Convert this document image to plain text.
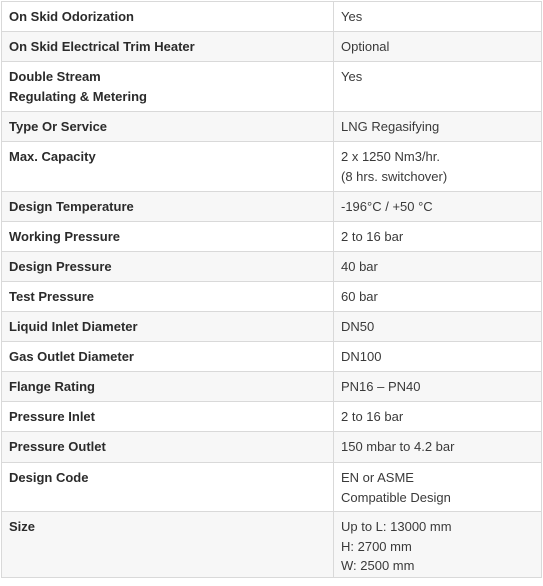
On Skid Odorization	Yes

On Skid Electrical Trim Heater	Optional

Double Stream
Regulating & Metering	Yes

Type Or Service	LNG Regasifying

Max. Capacity	2 x 1250 Nm3/hr.
(8 hrs. switchover)

Design Temperature	-196°C / +50 °C

Working Pressure	2 to 16 bar

Design Pressure	40 bar

Test Pressure	60 bar

Liquid Inlet Diameter	DN50

Gas Outlet Diameter	DN100

Flange Rating	PN16 – PN40

Pressure Inlet	2 to 16 bar

Pressure Outlet	150 mbar to 4.2 bar

Design Code	EN or ASME
Compatible Design

Size	Up to L: 13000 mm
H: 2700 mm
W: 2500 mm
